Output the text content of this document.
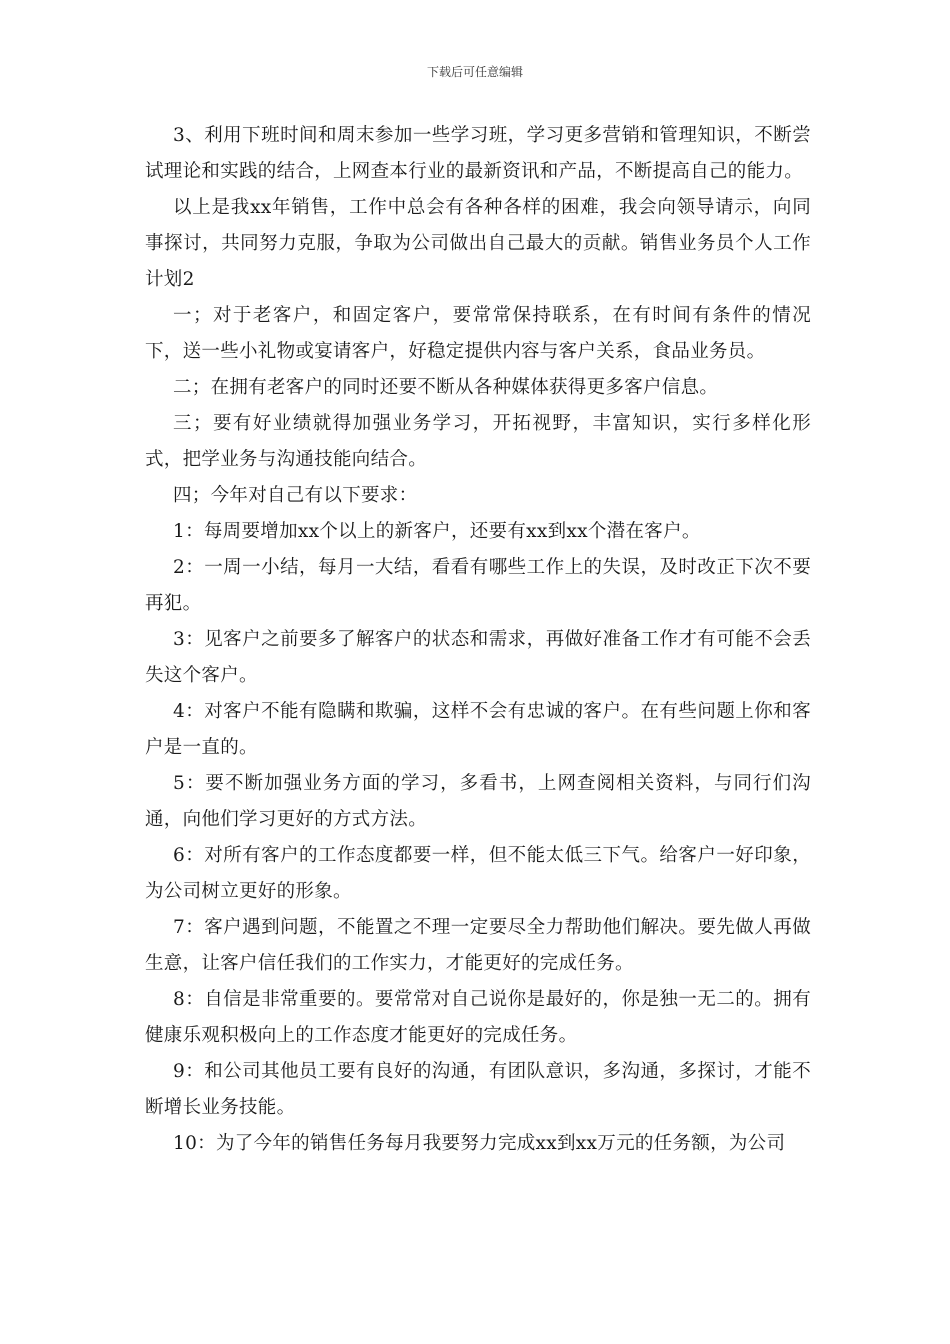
下载后可任意编辑

3、利用下班时间和周末参加一些学习班，学习更多营销和管理知识，不断尝试理论和实践的结合，上网查本行业的最新资讯和产品，不断提高自己的能力。

以上是我xx年销售，工作中总会有各种各样的困难，我会向领导请示，向同事探讨，共同努力克服，争取为公司做出自己最大的贡献。销售业务员个人工作计划2

一；对于老客户，和固定客户，要常常保持联系，在有时间有条件的情况下，送一些小礼物或宴请客户，好稳定提供内容与客户关系，食品业务员。

二；在拥有老客户的同时还要不断从各种媒体获得更多客户信息。

三；要有好业绩就得加强业务学习，开拓视野，丰富知识，实行多样化形式，把学业务与沟通技能向结合。

四；今年对自己有以下要求：

1：每周要增加xx个以上的新客户，还要有xx到xx个潜在客户。

2：一周一小结，每月一大结，看看有哪些工作上的失误，及时改正下次不要再犯。

3：见客户之前要多了解客户的状态和需求，再做好准备工作才有可能不会丢失这个客户。

4：对客户不能有隐瞒和欺骗，这样不会有忠诚的客户。在有些问题上你和客户是一直的。

5：要不断加强业务方面的学习，多看书，上网查阅相关资料，与同行们沟通，向他们学习更好的方式方法。

6：对所有客户的工作态度都要一样，但不能太低三下气。给客户一好印象，为公司树立更好的形象。

7：客户遇到问题，不能置之不理一定要尽全力帮助他们解决。要先做人再做生意，让客户信任我们的工作实力，才能更好的完成任务。

8：自信是非常重要的。要常常对自己说你是最好的，你是独一无二的。拥有健康乐观积极向上的工作态度才能更好的完成任务。

9：和公司其他员工要有良好的沟通，有团队意识，多沟通，多探讨，才能不断增长业务技能。

10：为了今年的销售任务每月我要努力完成xx到xx万元的任务额，为公司
